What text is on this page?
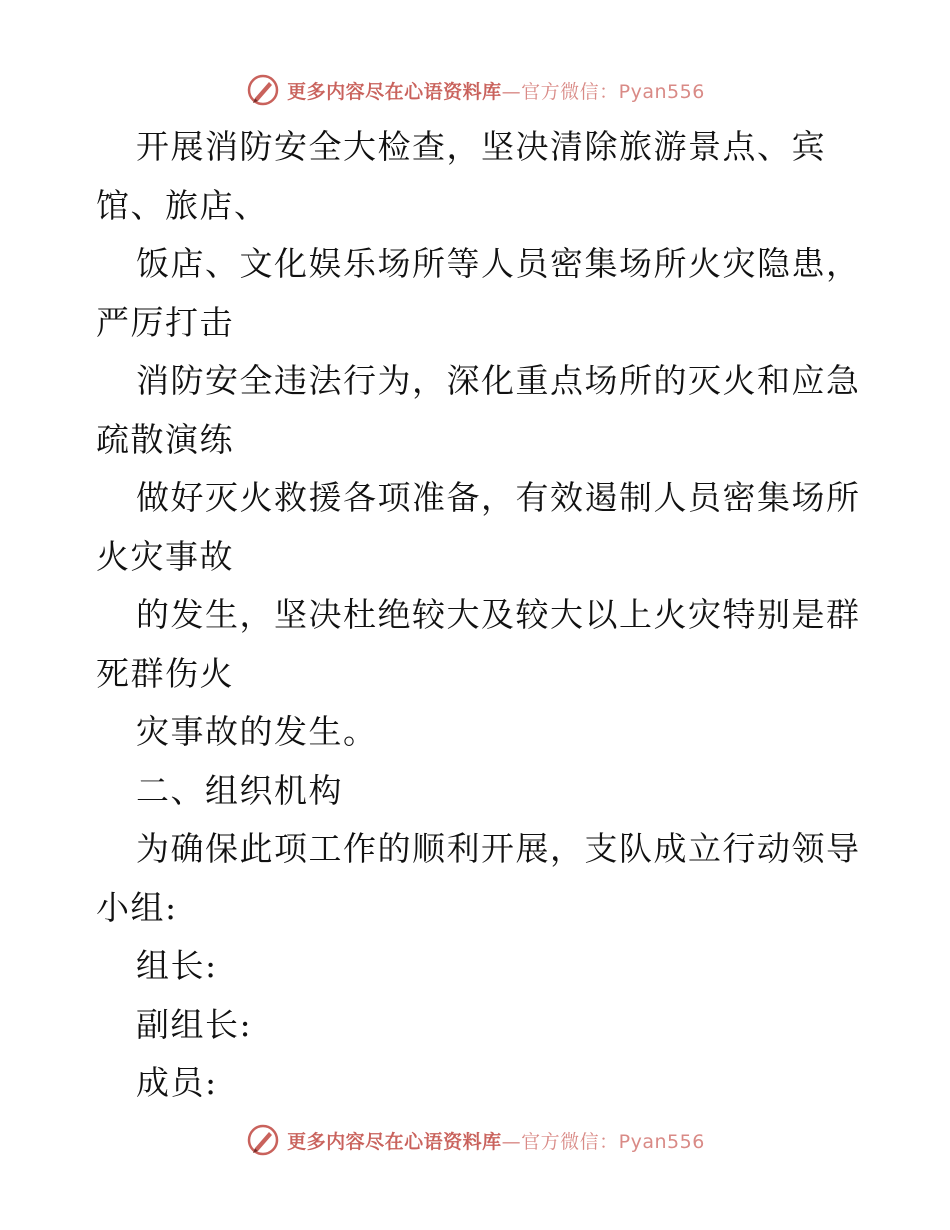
更多内容尽在心语资料库—官方微信：Pyan556
开展消防安全大检查，坚决清除旅游景点、宾
馆、旅店、
饭店、文化娱乐场所等人员密集场所火灾隐患，
严厉打击
消防安全违法行为，深化重点场所的灭火和应急
疏散演练
做好灭火救援各项准备，有效遏制人员密集场所
火灾事故
的发生，坚决杜绝较大及较大以上火灾特别是群
死群伤火
灾事故的发生。
二、组织机构
为确保此项工作的顺利开展，支队成立行动领导
小组:
组长:
副组长:
成员:
更多内容尽在心语资料库—官方微信：Pyan556
